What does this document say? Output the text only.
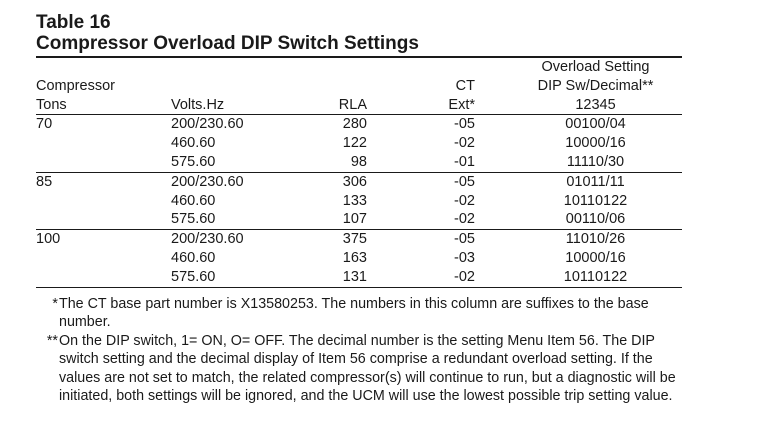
Table 16

Compressor Overload DIP Switch Settings

				Overload Setting
Compressor			CT	DIP Sw/Decimal**
Tons	Volts.Hz	RLA	Ext*	12345
70	200/230.60	280	-05	00100/04
	460.60	122	-02	10000/16
	575.60	98	-01	11110/30
85	200/230.60	306	-05	01011/11
	460.60	133	-02	10110122
	575.60	107	-02	00110/06
100	200/230.60	375	-05	11010/26
	460.60	163	-03	10000/16
	575.60	131	-02	10110122

* The CT base part number is X13580253. The numbers in this column are suffixes to the base number.

** On the DIP switch, 1= ON, O= OFF. The decimal number is the setting Menu Item 56. The DIP switch setting and the decimal display of Item 56 comprise a redundant overload setting. If the values are not set to match, the related compressor(s) will continue to run, but a diagnostic will be initiated, both settings will be ignored, and the UCM will use the lowest possible trip setting value.
